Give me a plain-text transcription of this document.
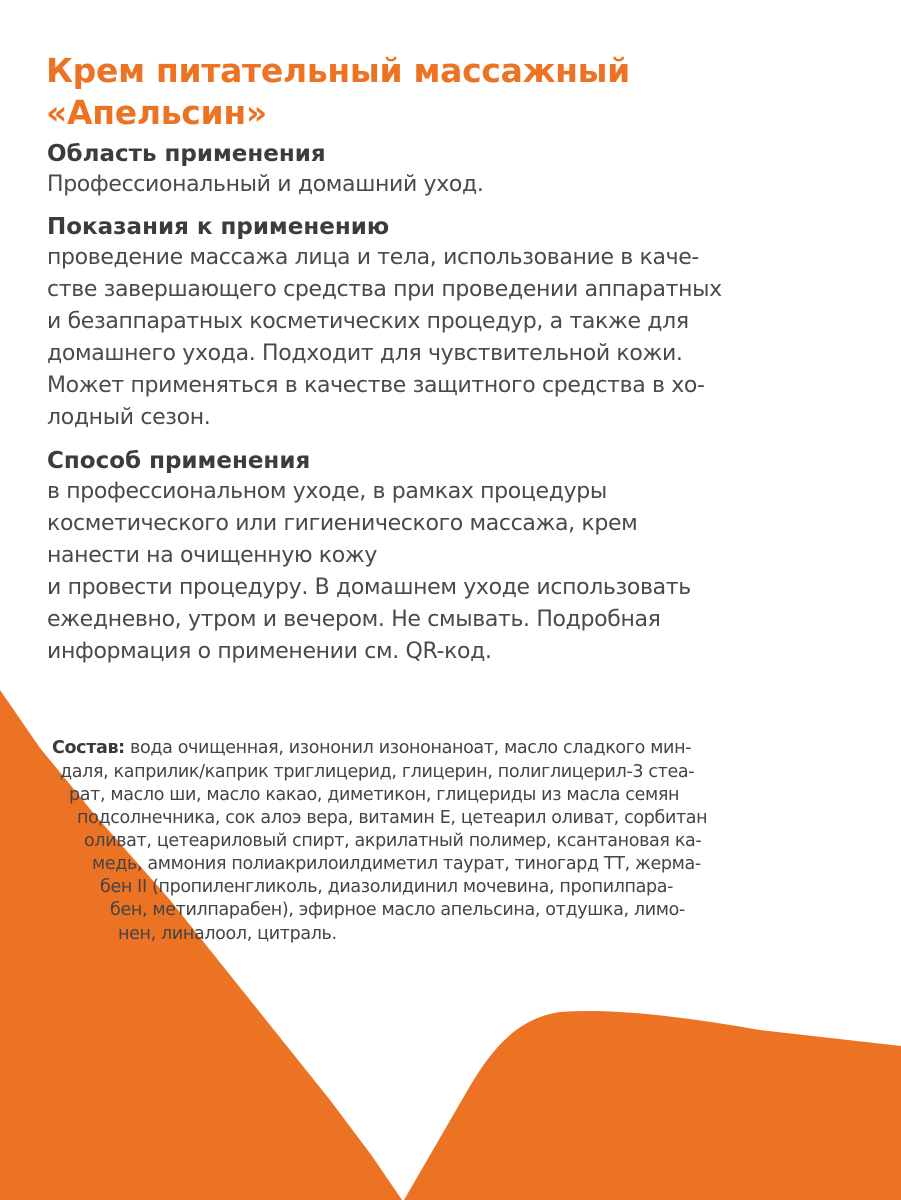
Крем питательный массажный
«Апельсин»
Область применения
Профессиональный и домашний уход.
Показания к применению
проведение массажа лица и тела, использование в каче-
стве завершающего средства при проведении аппаратных
и безаппаратных косметических процедур, а также для
домашнего ухода. Подходит для чувствительной кожи.
Может применяться в качестве защитного средства в хо-
лодный сезон.
Способ применения
в профессиональном уходе, в рамках процедуры
косметического или гигиенического массажа, крем
нанести на очищенную кожу
и провести процедуру. В домашнем уходе использовать
ежедневно, утром и вечером. Не смывать. Подробная
информация о применении см. QR-код.
Состав: вода очищенная, изононил изононаноат, масло сладкого мин-
даля, каприлик/каприк триглицерид, глицерин, полиглицерил-3 стеа-
рат, масло ши, масло какао, диметикон, глицериды из масла семян
подсолнечника, сок алоэ вера, витамин Е, цетеарил оливат, сорбитан
оливат, цетеариловый спирт, акрилатный полимер, ксантановая ка-
медь, аммония полиакрилоилдиметил таурат, тиногард ТТ, жерма-
бен II (пропиленгликоль, диазолидинил мочевина, пропилпара-
бен, метилпарабен), эфирное масло апельсина, отдушка, лимо-
нен, линалоол, цитраль.
